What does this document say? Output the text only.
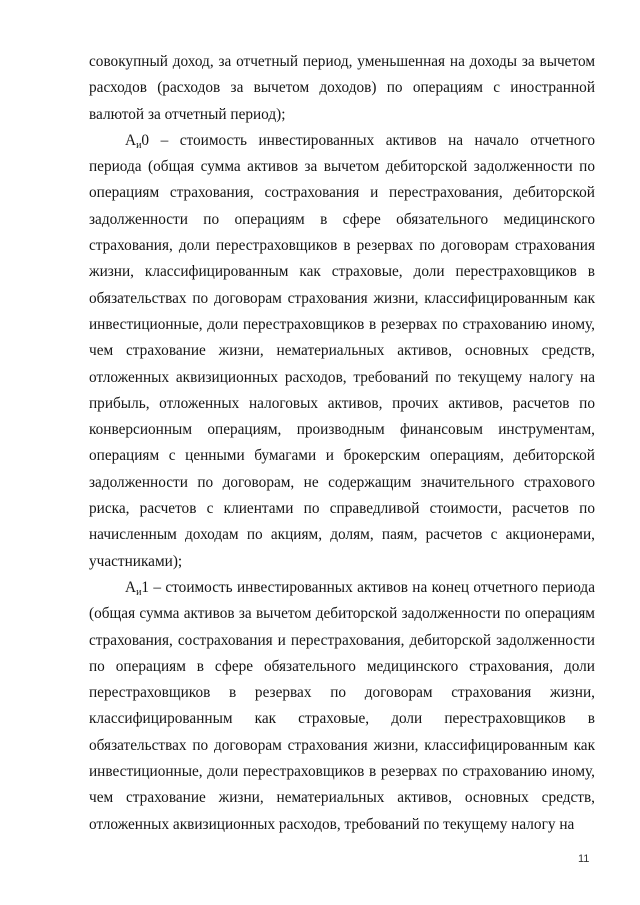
совокупный доход, за отчетный период, уменьшенная на доходы за вычетом расходов (расходов за вычетом доходов) по операциям с иностранной валютой за отчетный период);

Аи0 – стоимость инвестированных активов на начало отчетного периода (общая сумма активов за вычетом дебиторской задолженности по операциям страхования, сострахования и перестрахования, дебиторской задолженности по операциям в сфере обязательного медицинского страхования, доли перестраховщиков в резервах по договорам страхования жизни, классифицированным как страховые, доли перестраховщиков в обязательствах по договорам страхования жизни, классифицированным как инвестиционные, доли перестраховщиков в резервах по страхованию иному, чем страхование жизни, нематериальных активов, основных средств, отложенных аквизиционных расходов, требований по текущему налогу на прибыль, отложенных налоговых активов, прочих активов, расчетов по конверсионным операциям, производным финансовым инструментам, операциям с ценными бумагами и брокерским операциям, дебиторской задолженности по договорам, не содержащим значительного страхового риска, расчетов с клиентами по справедливой стоимости, расчетов по начисленным доходам по акциям, долям, паям, расчетов с акционерами, участниками);

Аи1 – стоимость инвестированных активов на конец отчетного периода (общая сумма активов за вычетом дебиторской задолженности по операциям страхования, сострахования и перестрахования, дебиторской задолженности по операциям в сфере обязательного медицинского страхования, доли перестраховщиков в резервах по договорам страхования жизни, классифицированным как страховые, доли перестраховщиков в обязательствах по договорам страхования жизни, классифицированным как инвестиционные, доли перестраховщиков в резервах по страхованию иному, чем страхование жизни, нематериальных активов, основных средств, отложенных аквизиционных расходов, требований по текущему налогу на

11
